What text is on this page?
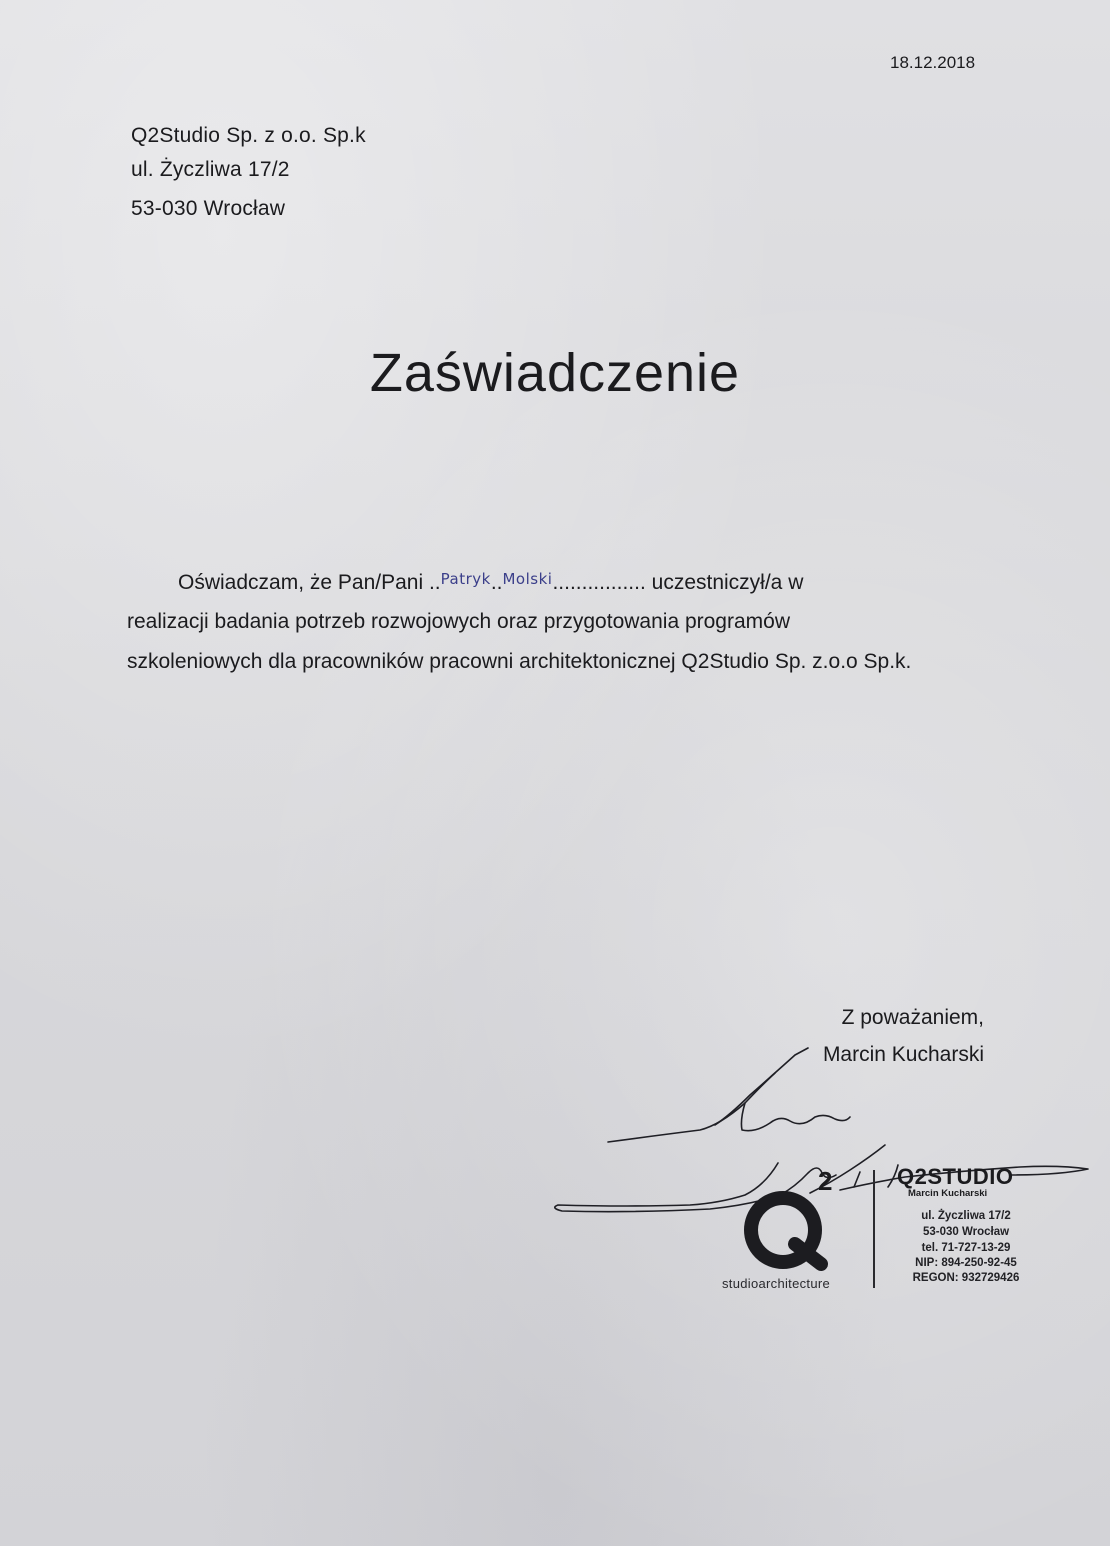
18.12.2018
Q2Studio Sp. z o.o. Sp.k
ul. Życzliwa 17/2
53-030 Wrocław
Zaświadczenie
Oświadczam, że Pan/Pani ..$^{Patryk}$..$^{Molski}$................ uczestniczył/a w
realizacji badania potrzeb rozwojowych oraz przygotowania programów
szkoleniowych dla pracowników pracowni architektonicznej Q2Studio Sp. z.o.o Sp.k.
Z poważaniem,
Marcin Kucharski
2
studioarchitecture
Q2STUDIO
Marcin Kucharski
ul. Życzliwa 17/2
53-030 Wrocław
tel. 71-727-13-29
NIP: 894-250-92-45
REGON: 932729426
